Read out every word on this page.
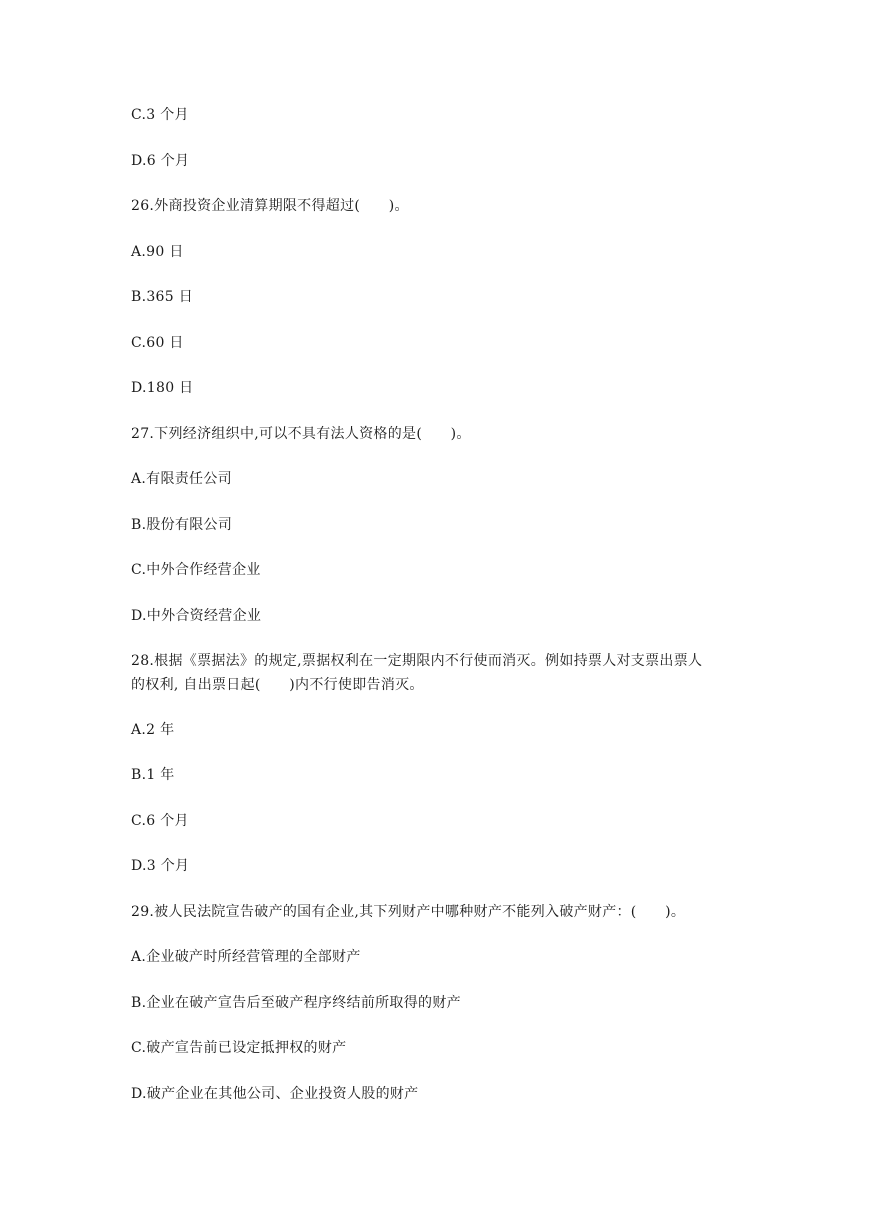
C.3 个月
D.6 个月
26.外商投资企业清算期限不得超过(　　)。
A.90 日
B.365 日
C.60 日
D.180 日
27.下列经济组织中,可以不具有法人资格的是(　　)。
A.有限责任公司
B.股份有限公司
C.中外合作经营企业
D.中外合资经营企业
28.根据《票据法》的规定,票据权利在一定期限内不行使而消灭。例如持票人对支票出票人
的权利, 自出票日起(　　)内不行使即告消灭。
A.2 年
B.1 年
C.6 个月
D.3 个月
29.被人民法院宣告破产的国有企业,其下列财产中哪种财产不能列入破产财产：(　　)。
A.企业破产时所经营管理的全部财产
B.企业在破产宣告后至破产程序终结前所取得的财产
C.破产宣告前已设定抵押权的财产
D.破产企业在其他公司、企业投资人股的财产
